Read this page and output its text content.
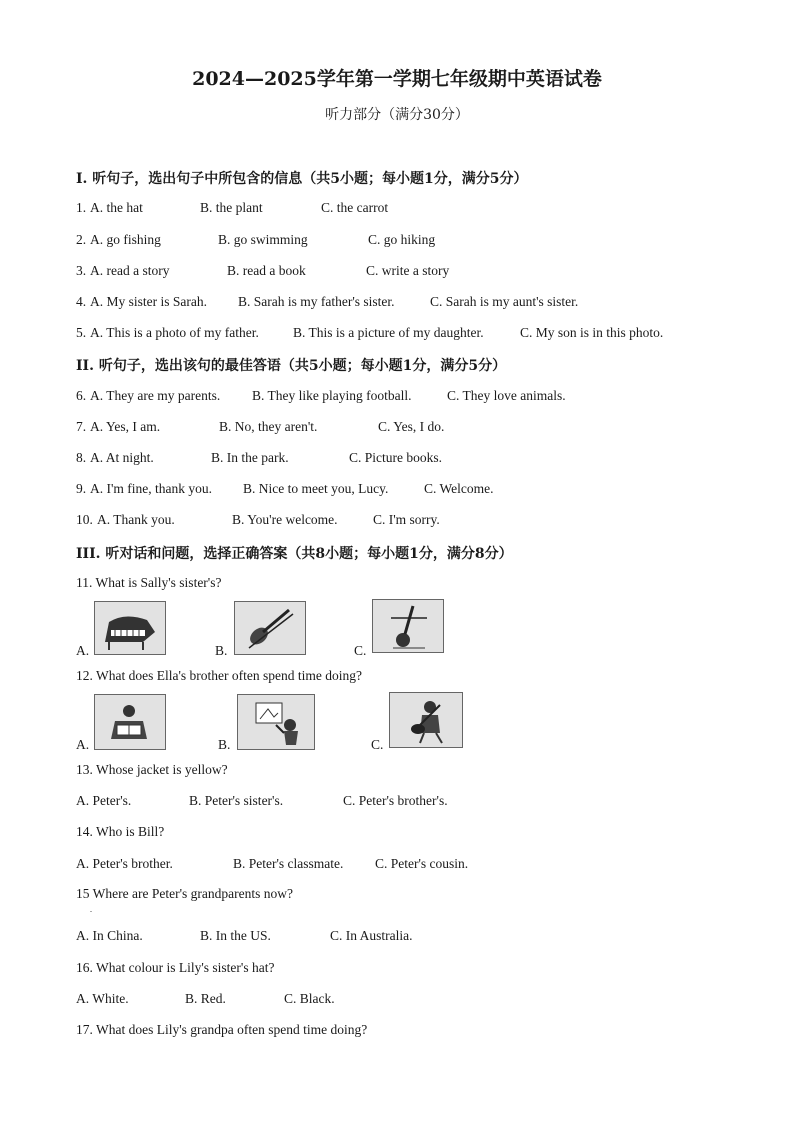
2024—2025学年第一学期七年级期中英语试卷
听力部分（满分30分）
I. 听句子，选出句子中所包含的信息（共5小题；每小题1分，满分5分）
1. A. the hat	B. the plant	C. the carrot
2. A. go fishing	B. go swimming	C. go hiking
3. A. read a story	B. read a book	C. write a story
4. A. My sister is Sarah. B. Sarah is my father's sister.	C. Sarah is my aunt's sister.
5. A. This is a photo of my father.	B. This is a picture of my daughter.	C. My son is in this photo.
II. 听句子，选出该句的最佳答语（共5小题；每小题1分，满分5分）
6. A. They are my parents. B. They like playing football.	C. They love animals.
7. A. Yes, I am.	B. No, they aren't.	C. Yes, I do.
8. A. At night.	B. In the park.	C. Picture books.
9. A. I'm fine, thank you. B. Nice to meet you, Lucy.	C. Welcome.
10. A. Thank you.	B. You're welcome.	C. I'm sorry.
III. 听对话和问题，选择正确答案（共8小题；每小题1分，满分8分）
11. What is Sally's sister's?
A.	B.	C.
12. What does Ella's brother often spend time doing?
A.	B.	C.
13. Whose jacket is yellow?
A. Peter's.	B. Peter's sister's.	C. Peter's brother's.
14. Who is Bill?
A. Peter's brother.	B. Peter's classmate. C. Peter's cousin.
15 Where are Peter's grandparents now?
.
A. In China.	B. In the US.	C. In Australia.
16. What colour is Lily's sister's hat?
A. White.	B. Red.	C. Black.
17. What does Lily's grandpa often spend time doing?
